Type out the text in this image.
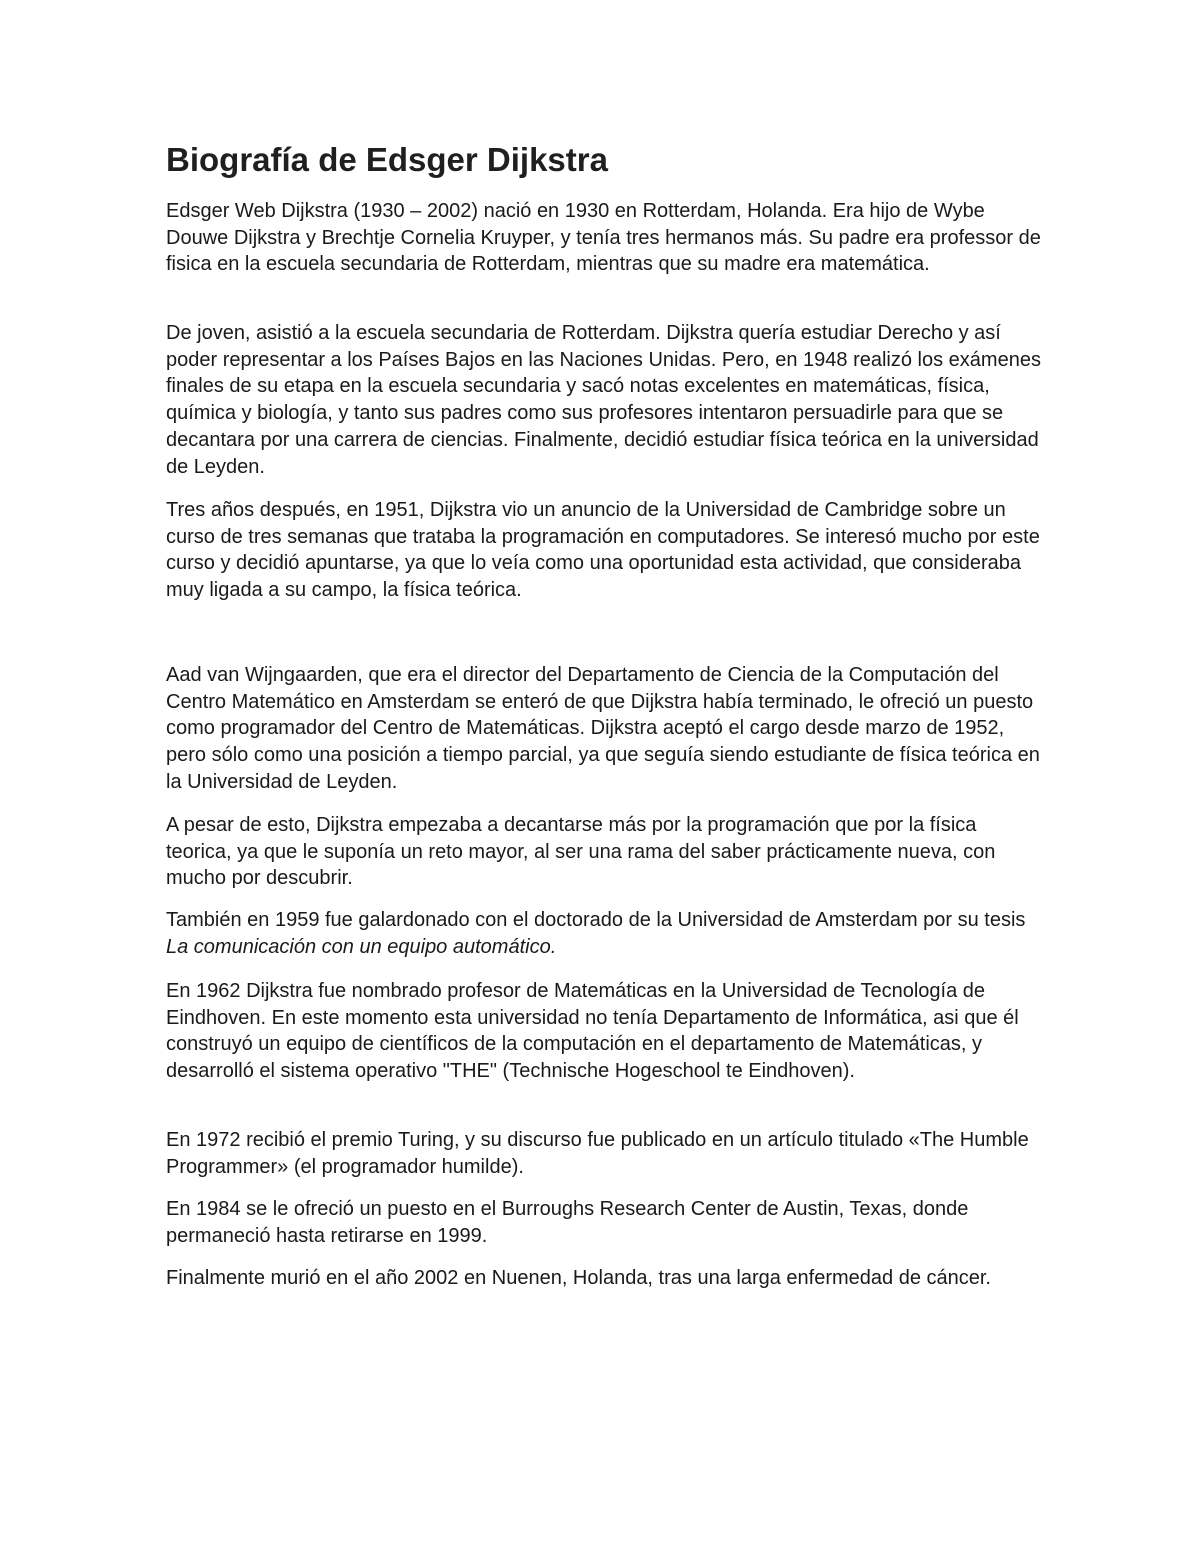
Biografía de Edsger Dijkstra

Edsger Web Dijkstra (1930 – 2002) nació en 1930 en Rotterdam, Holanda. Era hijo de Wybe Douwe Dijkstra y Brechtje Cornelia Kruyper, y tenía tres hermanos más. Su padre era professor de fisica en la escuela secundaria de Rotterdam, mientras que su madre era matemática.

De joven, asistió a la escuela secundaria de Rotterdam. Dijkstra quería estudiar Derecho y así poder representar a los Países Bajos en las Naciones Unidas. Pero, en 1948 realizó los exámenes finales de su etapa en la escuela secundaria y sacó notas excelentes en matemáticas, física, química y biología, y tanto sus padres como sus profesores intentaron persuadirle para que se decantara por una carrera de ciencias. Finalmente, decidió estudiar física teórica en la universidad de Leyden.

Tres años después, en 1951, Dijkstra vio un anuncio de la Universidad de Cambridge sobre un curso de tres semanas que trataba la programación en computadores. Se interesó mucho por este curso y decidió apuntarse, ya que lo veía como una oportunidad esta actividad, que consideraba muy ligada a su campo, la física teórica.

Aad van Wijngaarden, que era el director del Departamento de Ciencia de la Computación del Centro Matemático en Amsterdam se enteró de que Dijkstra había terminado, le ofreció un puesto como programador del Centro de Matemáticas. Dijkstra aceptó el cargo desde marzo de 1952, pero sólo como una posición a tiempo parcial, ya que seguía siendo estudiante de física teórica en la Universidad de Leyden.

A pesar de esto, Dijkstra empezaba a decantarse más por la programación que por la física teorica, ya que le suponía un reto mayor, al ser una rama del saber prácticamente nueva, con mucho por descubrir.

También en 1959 fue galardonado con el doctorado de la Universidad de Amsterdam por su tesis La comunicación con un equipo automático.

En 1962 Dijkstra fue nombrado profesor de Matemáticas en la Universidad de Tecnología de Eindhoven. En este momento esta universidad no tenía Departamento de Informática, asi que él construyó un equipo de científicos de la computación en el departamento de Matemáticas, y desarrolló el sistema operativo "THE" (Technische Hogeschool te Eindhoven).

En 1972 recibió el premio Turing, y su discurso fue publicado en un artículo titulado «The Humble Programmer» (el programador humilde).

En 1984 se le ofreció un puesto en el Burroughs Research Center de Austin, Texas, donde permaneció hasta retirarse en 1999.

Finalmente murió en el año 2002 en Nuenen, Holanda, tras una larga enfermedad de cáncer.
